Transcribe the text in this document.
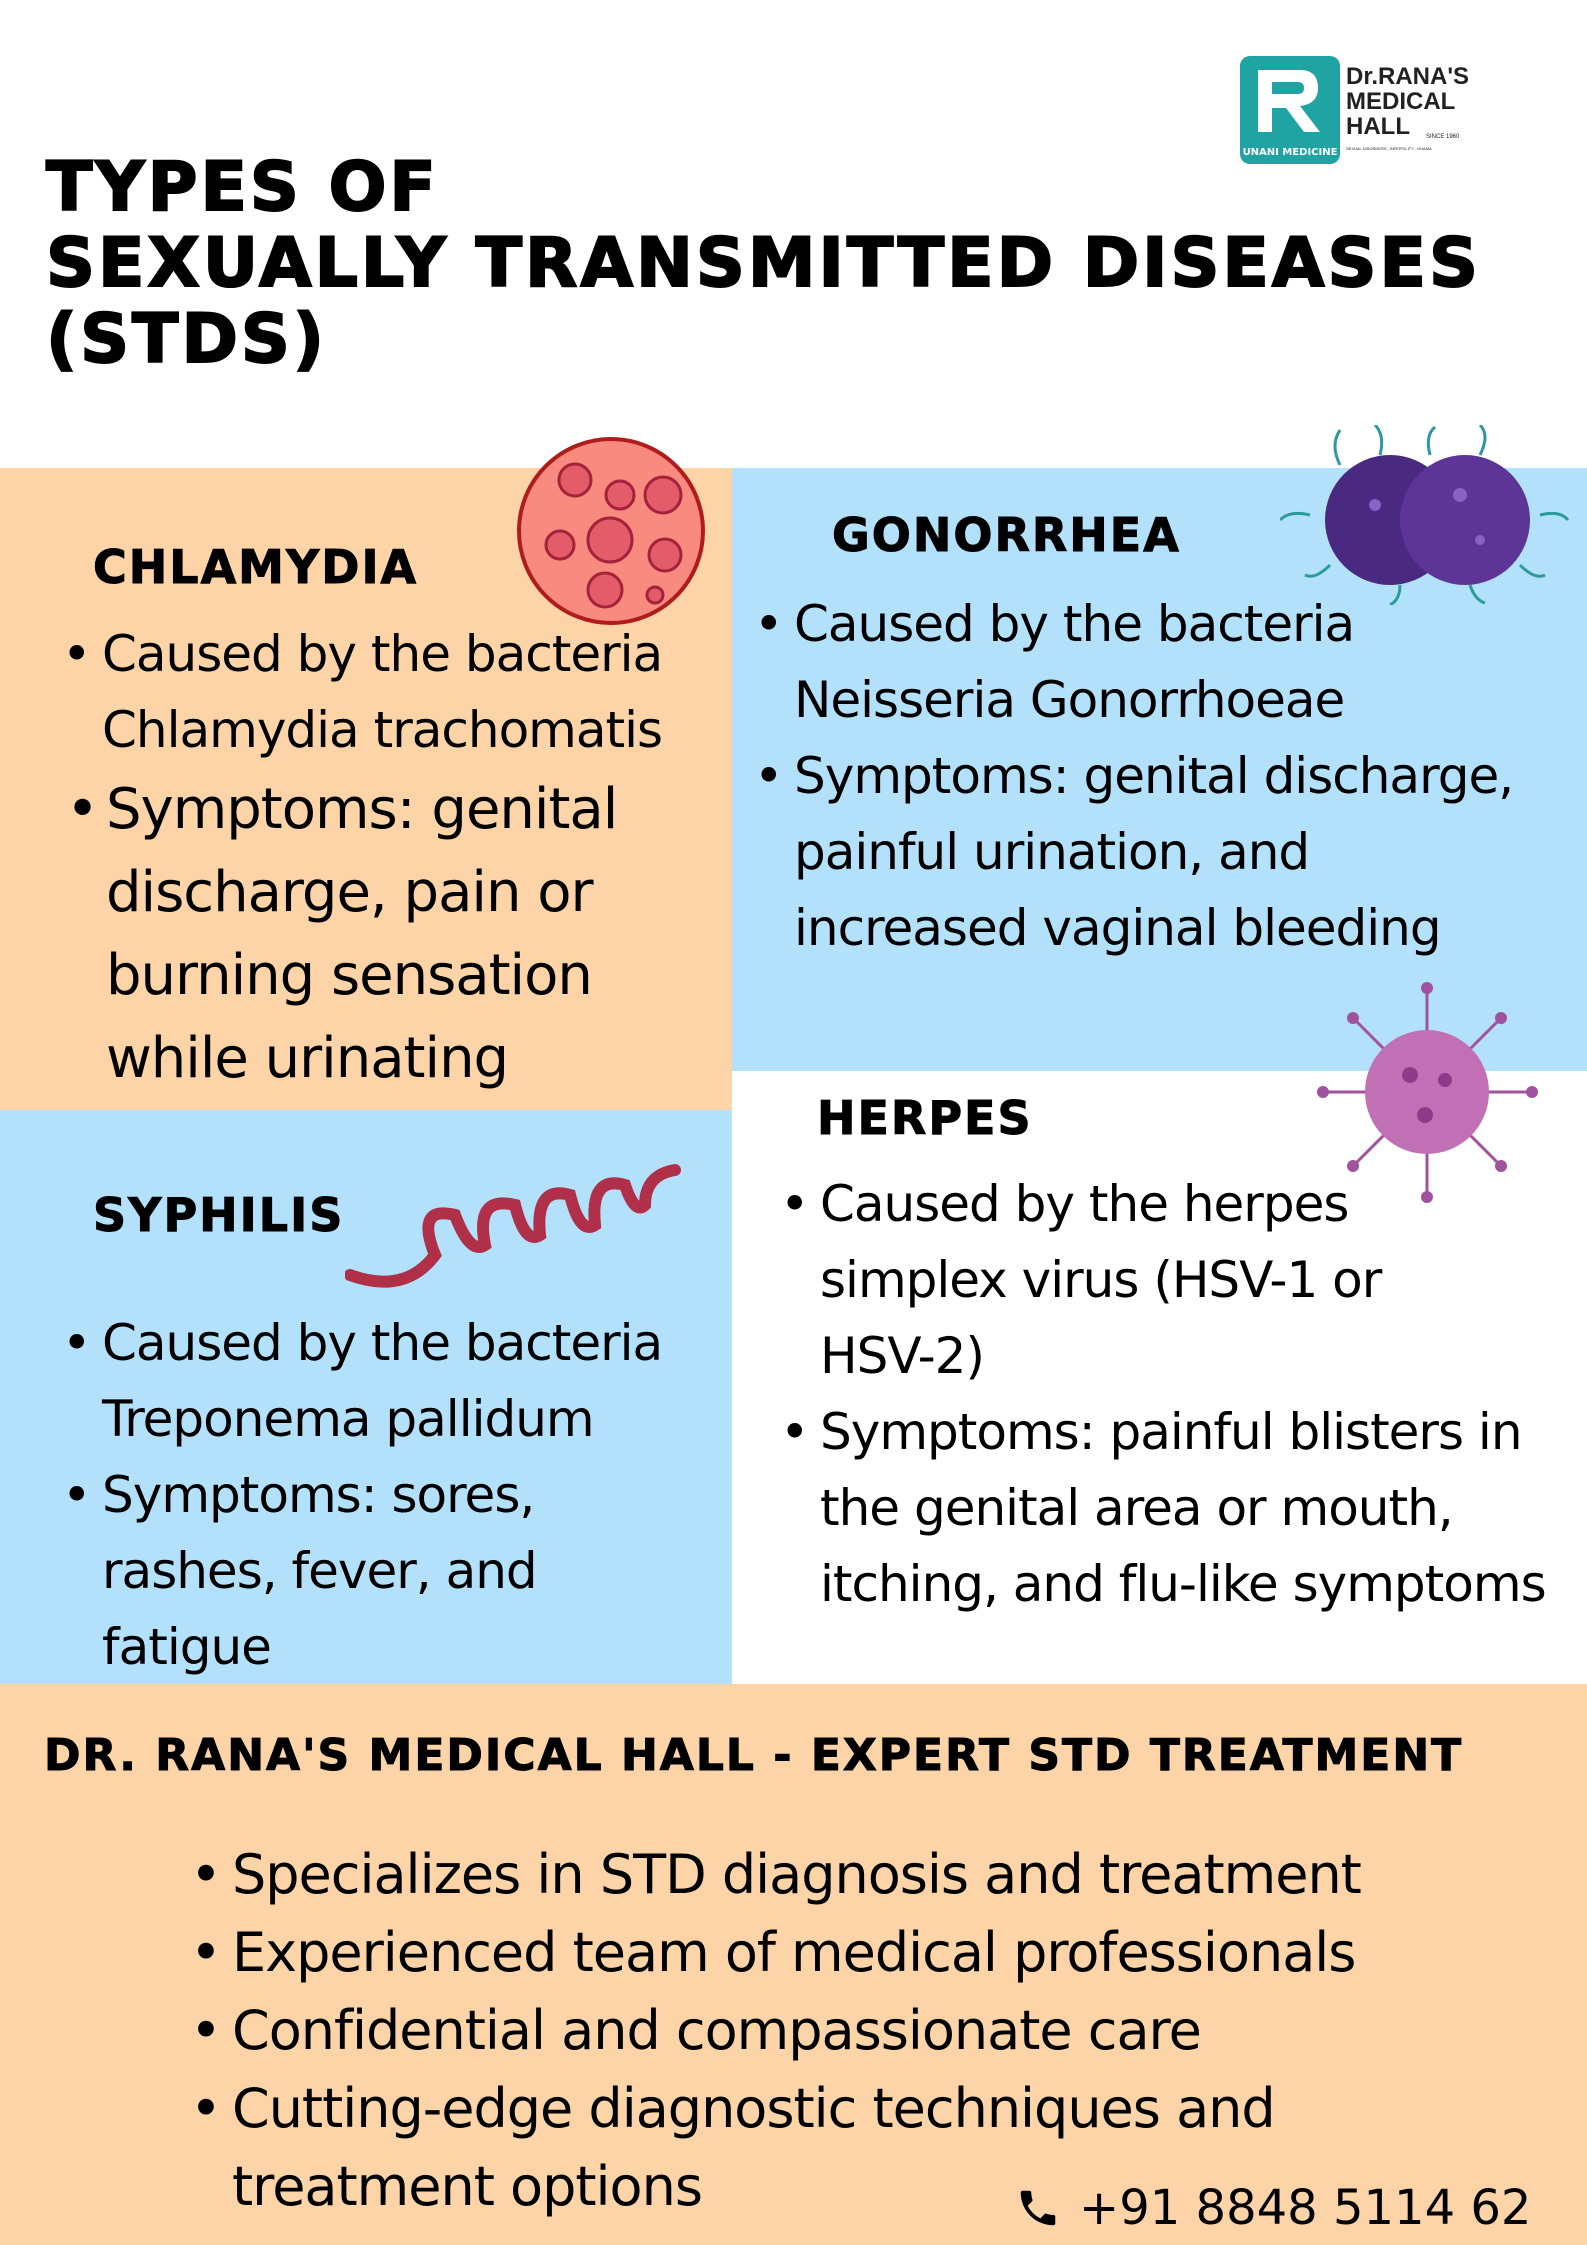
UNANI MEDICINE
Dr.RANA'S
MEDICAL
HALL	SINCE 1960
SEXUAL DISORDERS , INFERTILITY , HIJAMA
TYPES OF
SEXUALLY TRANSMITTED DISEASES
(STDS)
CHLAMYDIA
• Caused by the bacteria Chlamydia trachomatis
• Symptoms: genital discharge, pain or burning sensation while urinating
GONORRHEA
• Caused by the bacteria Neisseria Gonorrhoeae
• Symptoms: genital discharge, painful urination, and increased vaginal bleeding
SYPHILIS
• Caused by the bacteria Treponema pallidum
• Symptoms: sores, rashes, fever, and fatigue
HERPES
• Caused by the herpes simplex virus (HSV-1 or HSV-2)
• Symptoms: painful blisters in the genital area or mouth, itching, and flu-like symptoms
DR. RANA'S MEDICAL HALL - EXPERT STD TREATMENT
• Specializes in STD diagnosis and treatment
• Experienced team of medical professionals
• Confidential and compassionate care
• Cutting-edge diagnostic techniques and treatment options	+91 8848 5114 62
